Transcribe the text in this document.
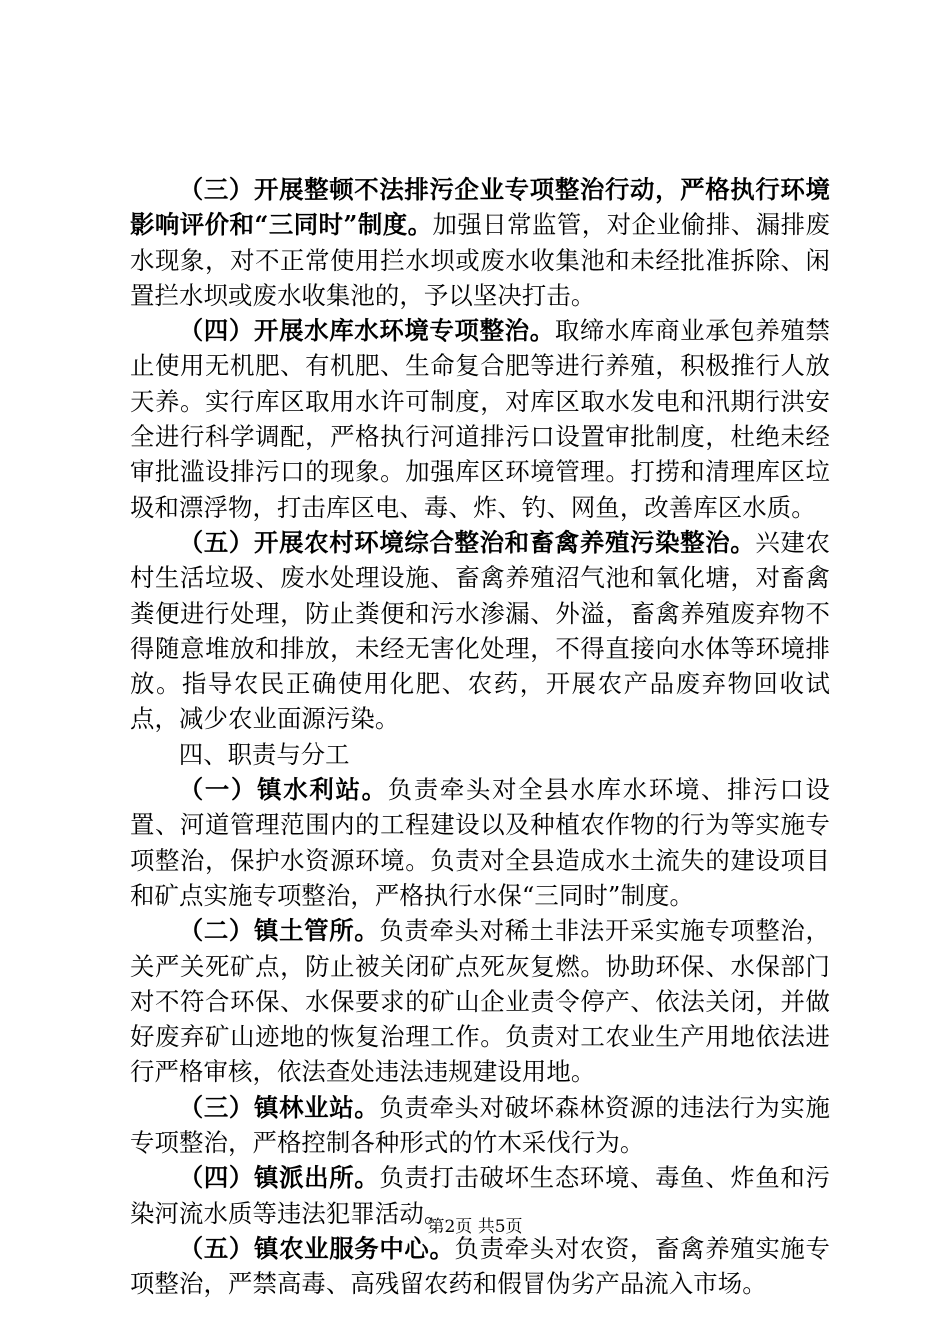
（三）开展整顿不法排污企业专项整治行动，严格执行环境影响评价和“三同时”制度。加强日常监管，对企业偷排、漏排废水现象，对不正常使用拦水坝或废水收集池和未经批准拆除、闲置拦水坝或废水收集池的，予以坚决打击。

（四）开展水库水环境专项整治。取缔水库商业承包养殖禁止使用无机肥、有机肥、生命复合肥等进行养殖，积极推行人放天养。实行库区取用水许可制度，对库区取水发电和汛期行洪安全进行科学调配，严格执行河道排污口设置审批制度，杜绝未经审批滥设排污口的现象。加强库区环境管理。打捞和清理库区垃圾和漂浮物，打击库区电、毒、炸、钓、网鱼，改善库区水质。

（五）开展农村环境综合整治和畜禽养殖污染整治。兴建农村生活垃圾、废水处理设施、畜禽养殖沼气池和氧化塘，对畜禽粪便进行处理，防止粪便和污水渗漏、外溢，畜禽养殖废弃物不得随意堆放和排放，未经无害化处理，不得直接向水体等环境排放。指导农民正确使用化肥、农药，开展农产品废弃物回收试点，减少农业面源污染。

四、职责与分工

（一）镇水利站。负责牵头对全县水库水环境、排污口设置、河道管理范围内的工程建设以及种植农作物的行为等实施专项整治，保护水资源环境。负责对全县造成水土流失的建设项目和矿点实施专项整治，严格执行水保“三同时”制度。

（二）镇土管所。负责牵头对稀土非法开采实施专项整治，关严关死矿点，防止被关闭矿点死灰复燃。协助环保、水保部门对不符合环保、水保要求的矿山企业责令停产、依法关闭，并做好废弃矿山迹地的恢复治理工作。负责对工农业生产用地依法进行严格审核，依法查处违法违规建设用地。

（三）镇林业站。负责牵头对破坏森林资源的违法行为实施专项整治，严格控制各种形式的竹木采伐行为。

（四）镇派出所。负责打击破坏生态环境、毒鱼、炸鱼和污染河流水质等违法犯罪活动。

（五）镇农业服务中心。负责牵头对农资，畜禽养殖实施专项整治，严禁高毒、高残留农药和假冒伪劣产品流入市场。

第2页 共5页
